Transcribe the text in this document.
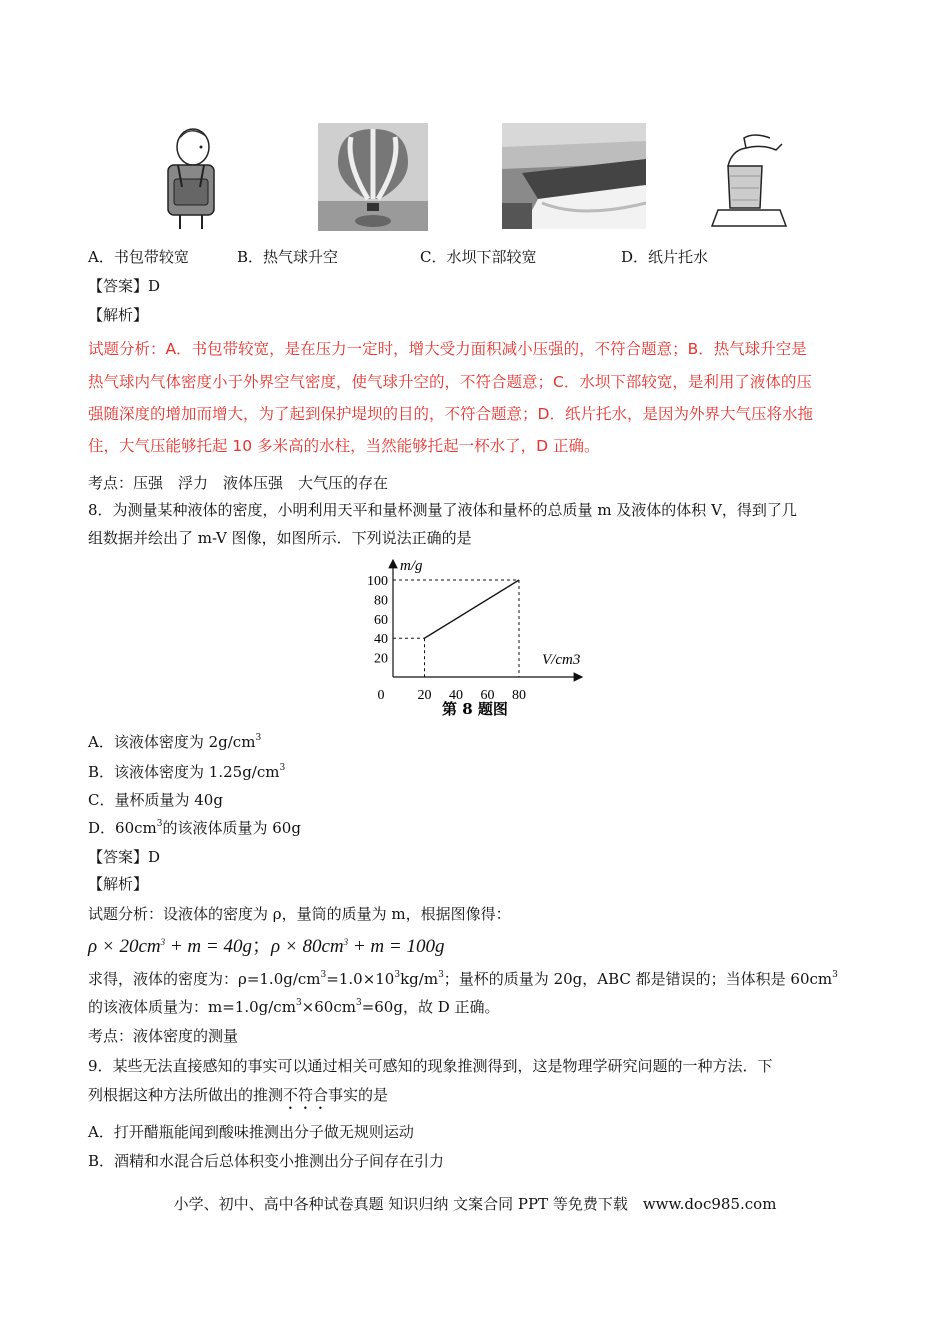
A．书包带较宽	B．热气球升空	C．水坝下部较宽	D．纸片托水
【答案】D
【解析】
试题分析：A．书包带较宽，是在压力一定时，增大受力面积减小压强的，不符合题意；B．热气球升空是
热气球内气体密度小于外界空气密度，使气球升空的，不符合题意；C．水坝下部较宽，是利用了液体的压
强随深度的增加而增大，为了起到保护堤坝的目的，不符合题意；D．纸片托水，是因为外界大气压将水拖
住，大气压能够托起 10 多米高的水柱，当然能够托起一杯水了，D 正确。
考点：压强　浮力　液体压强　大气压的存在
8．为测量某种液体的密度，小明利用天平和量杯测量了液体和量杯的总质量 m 及液体的体积 V，得到了几
组数据并绘出了 m-V 图像，如图所示．下列说法正确的是
m/g
V/cm3
0 20 40 60 80
20
40
60
80
100
第 8 题图
A．该液体密度为 $2g/cm^3$
B．该液体密度为 $1.25g/cm^3$
C．量杯质量为 40g
D．$60cm^3$的该液体质量为 60g
【答案】D
【解析】
试题分析：设液体的密度为 ρ，量筒的质量为 m，根据图像得：
$\rho \times 20cm^3 + m = 40g$；$\rho \times 80cm^3 + m = 100g$
求得，液体的密度为：$\rho=1.0g/cm^3=1.0\times 10^3kg/m^3$；量杯的质量为 20g，ABC 都是错误的；当体积是 $60cm^3$
的该液体质量为：$m=1.0g/cm^3\times 60cm^3=60g$，故 D 正确。
考点：液体密度的测量
9．某些无法直接感知的事实可以通过相关可感知的现象推测得到，这是物理学研究问题的一种方法．下
列根据这种方法所做出的推测不符合事实的是
A．打开醋瓶能闻到酸味推测出分子做无规则运动
B．酒精和水混合后总体积变小推测出分子间存在引力
小学、初中、高中各种试卷真题 知识归纳 文案合同 PPT 等免费下载　www.doc985.com
